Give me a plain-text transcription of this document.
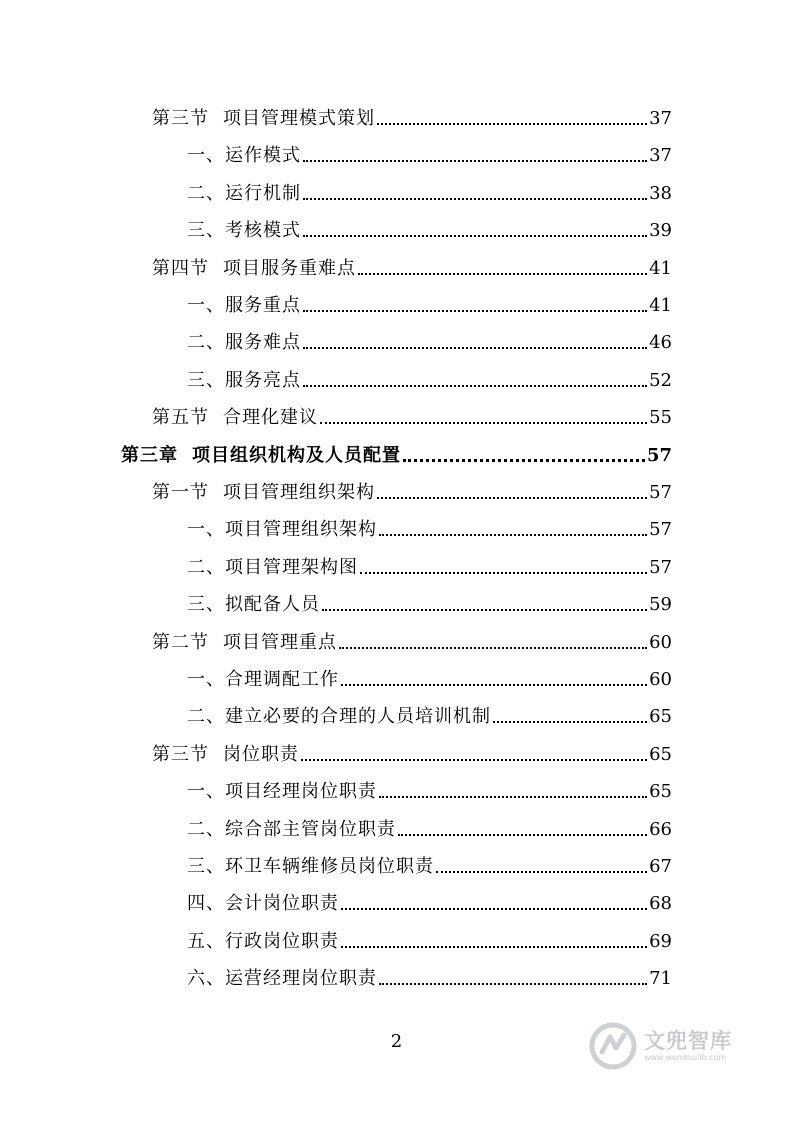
第三节 项目管理模式策划	37
一、运作模式	37
二、运行机制	38
三、考核模式	39
第四节 项目服务重难点	41
一、服务重点	41
二、服务难点	46
三、服务亮点	52
第五节 合理化建议	55
第三章 项目组织机构及人员配置	57
第一节 项目管理组织架构	57
一、项目管理组织架构	57
二、项目管理架构图	57
三、拟配备人员	59
第二节 项目管理重点	60
一、合理调配工作	60
二、建立必要的合理的人员培训机制	65
第三节 岗位职责	65
一、项目经理岗位职责	65
二、综合部主管岗位职责	66
三、环卫车辆维修员岗位职责	67
四、会计岗位职责	68
五、行政岗位职责	69
六、运营经理岗位职责	71
2	文兜智库
www.wendoulib.com
